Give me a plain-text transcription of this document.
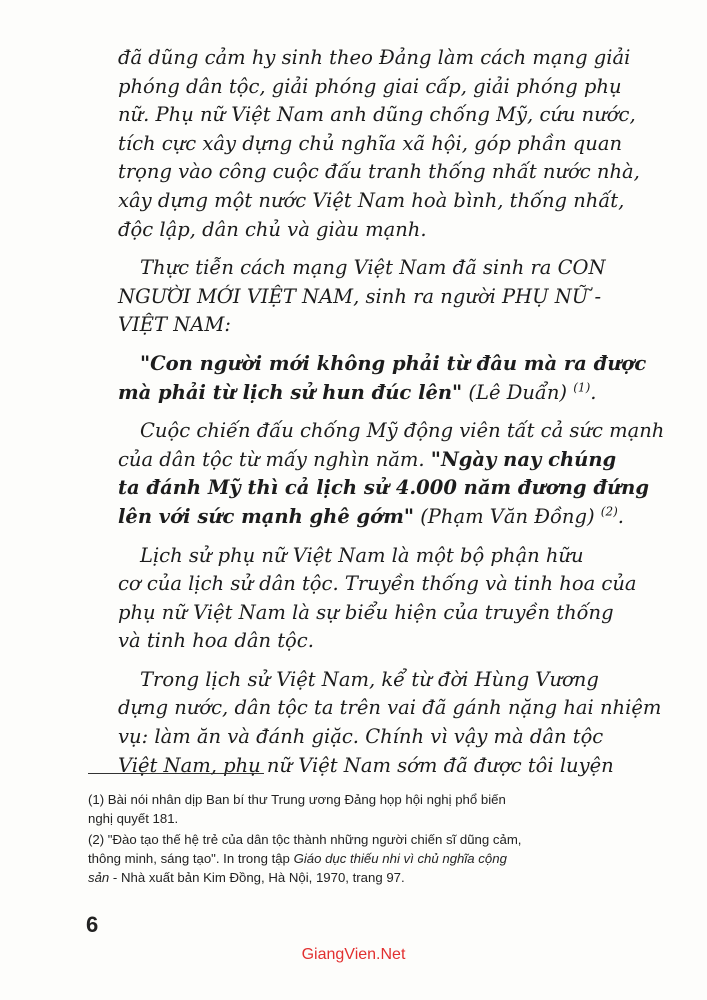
đã dũng cảm hy sinh theo Đảng làm cách mạng giải
phóng dân tộc, giải phóng giai cấp, giải phóng phụ
nữ. Phụ nữ Việt Nam anh dũng chống Mỹ, cứu nước,
tích cực xây dựng chủ nghĩa xã hội, góp phần quan
trọng vào công cuộc đấu tranh thống nhất nước nhà,
xây dựng một nước Việt Nam hoà bình, thống nhất,
độc lập, dân chủ và giàu mạnh.

Thực tiễn cách mạng Việt Nam đã sinh ra CON
NGƯỜI MỚI VIỆT NAM, sinh ra người PHỤ NỮ -
VIỆT NAM:

"Con người mới không phải từ đâu mà ra được
mà phải từ lịch sử hun đúc lên" (Lê Duẩn) $^{(1)}$.

Cuộc chiến đấu chống Mỹ động viên tất cả sức mạnh
của dân tộc từ mấy nghìn năm. "Ngày nay chúng
ta đánh Mỹ thì cả lịch sử 4.000 năm đương đứng
lên với sức mạnh ghê gớm" (Phạm Văn Đồng) $^{(2)}$.

Lịch sử phụ nữ Việt Nam là một bộ phận hữu
cơ của lịch sử dân tộc. Truyền thống và tinh hoa của
phụ nữ Việt Nam là sự biểu hiện của truyền thống
và tinh hoa dân tộc.

Trong lịch sử Việt Nam, kể từ đời Hùng Vương
dựng nước, dân tộc ta trên vai đã gánh nặng hai nhiệm
vụ: làm ăn và đánh giặc. Chính vì vậy mà dân tộc
Việt Nam, phụ nữ Việt Nam sớm đã được tôi luyện

(1) Bài nói nhân dịp Ban bí thư Trung ương Đảng họp hội nghị phổ biến
nghị quyết 181.
(2) "Đào tạo thế hệ trẻ của dân tộc thành những người chiến sĩ dũng cảm,
thông minh, sáng tạo". In trong tập Giáo dục thiếu nhi vì chủ nghĩa cộng
sản - Nhà xuất bản Kim Đồng, Hà Nội, 1970, trang 97.
6
GiangVien.Net
